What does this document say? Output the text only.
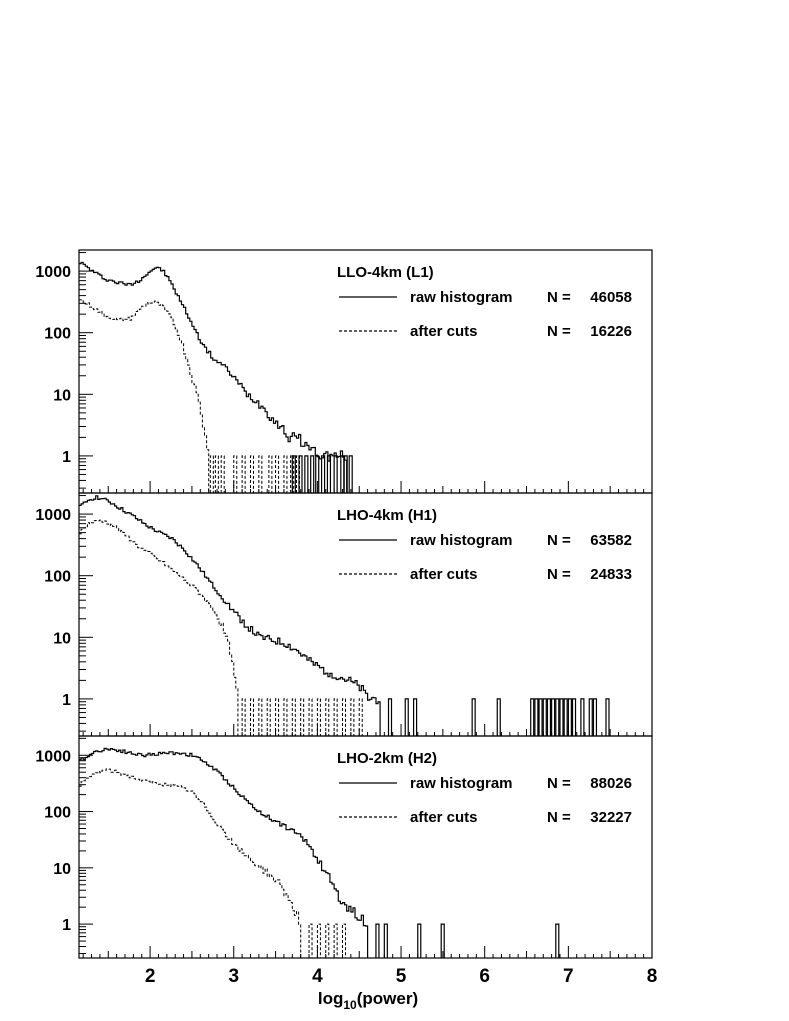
1
10
100
1000	LLO-4km (L1)
raw histogram N = 46058
after cuts	N = 16226
1
10
100
1000	LHO-4km (H1)
raw histogram N = 63582
after cuts	N = 24833
1
10
100
1000	LHO-2km (H2)
raw histogram N = 88026
after cuts	N = 32227
$\log_{10}(power)$
2	3	4	5	6	7	8
